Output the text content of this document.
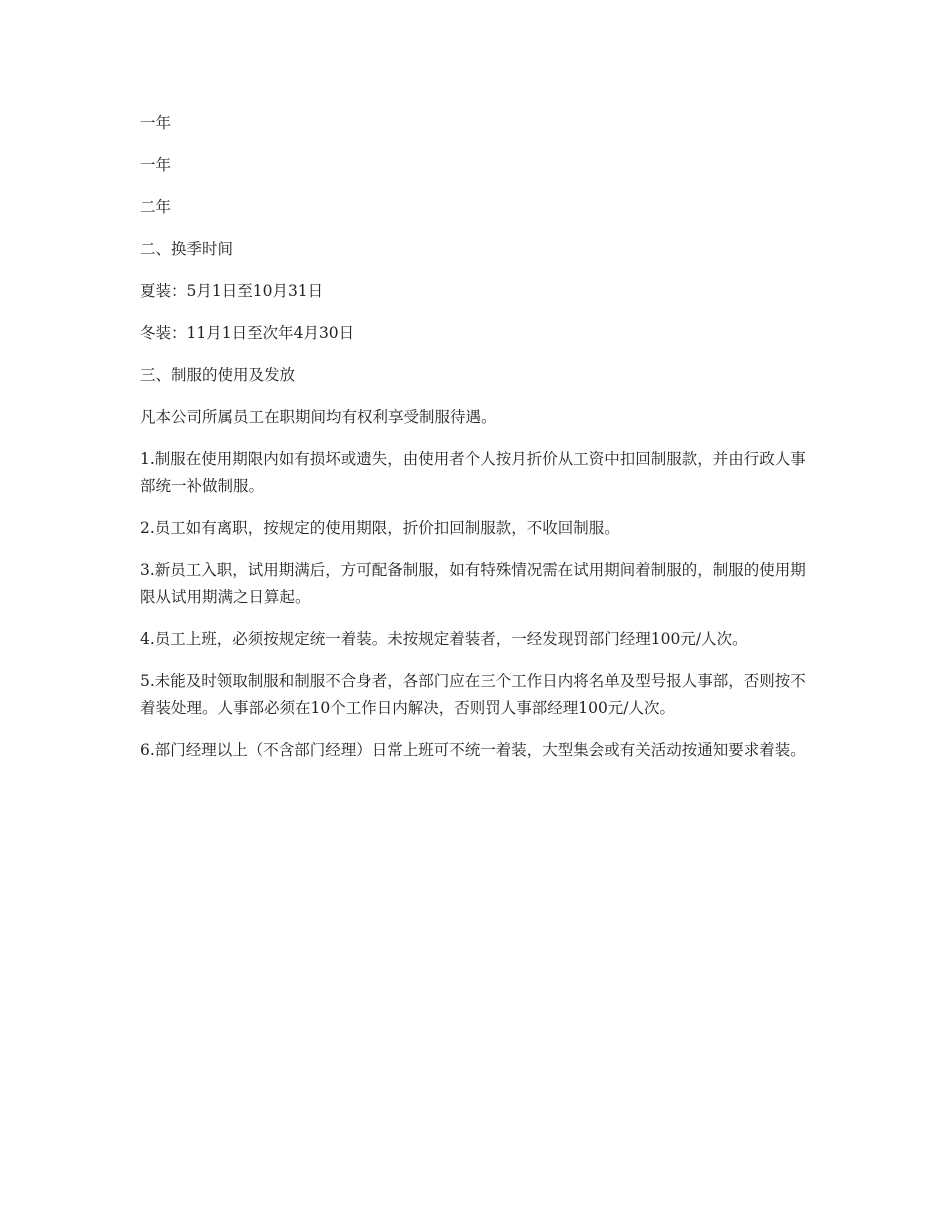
一年

一年

二年

二、换季时间

夏装：5月1日至10月31日

冬装：11月1日至次年4月30日

三、制服的使用及发放

凡本公司所属员工在职期间均有权利享受制服待遇。

1.制服在使用期限内如有损坏或遗失，由使用者个人按月折价从工资中扣回制服款，并由行政人事部统一补做制服。

2.员工如有离职，按规定的使用期限，折价扣回制服款，不收回制服。

3.新员工入职，试用期满后，方可配备制服，如有特殊情况需在试用期间着制服的，制服的使用期限从试用期满之日算起。

4.员工上班，必须按规定统一着装。未按规定着装者，一经发现罚部门经理100元/人次。

5.未能及时领取制服和制服不合身者，各部门应在三个工作日内将名单及型号报人事部，否则按不着装处理。人事部必须在10个工作日内解决，否则罚人事部经理100元/人次。

6.部门经理以上（不含部门经理）日常上班可不统一着装，大型集会或有关活动按通知要求着装。
